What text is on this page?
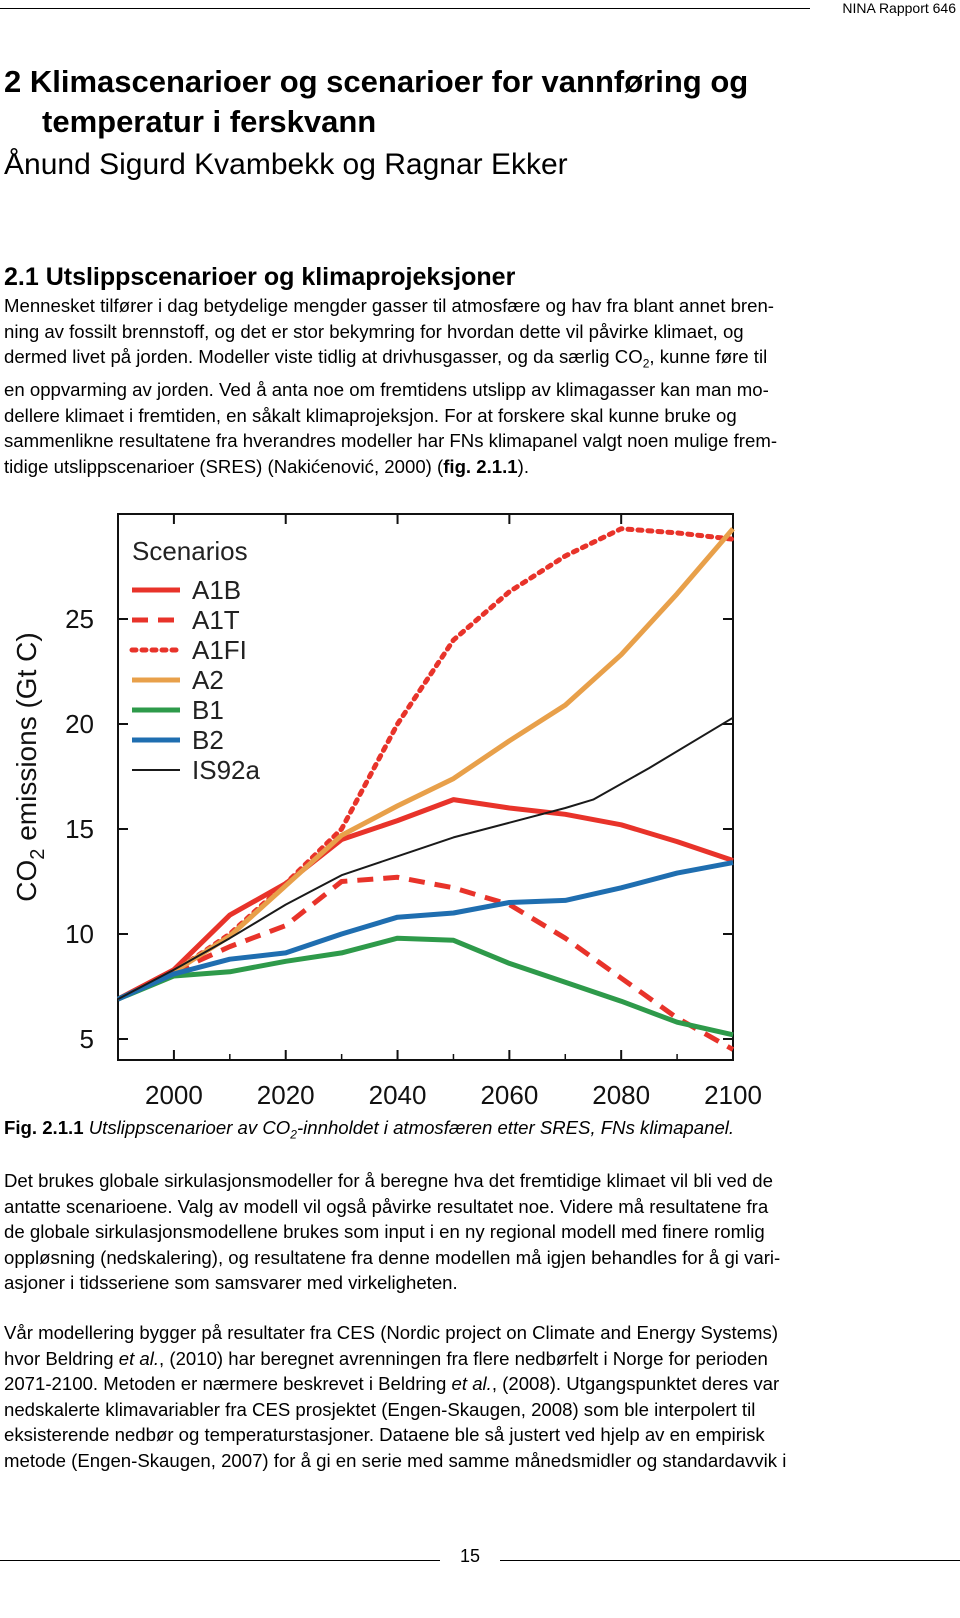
NINA Rapport 646
2 Klimascenarioer og scenarioer for vannføring og
temperatur i ferskvann
Ånund Sigurd Kvambekk og Ragnar Ekker
2.1 Utslippscenarioer og klimaprojeksjoner
Mennesket tilfører i dag betydelige mengder gasser til atmosfære og hav fra blant annet bren-
ning av fossilt brennstoff, og det er stor bekymring for hvordan dette vil påvirke klimaet, og
dermed livet på jorden. Modeller viste tidlig at drivhusgasser, og da særlig $CO_2$, kunne føre til
en oppvarming av jorden. Ved å anta noe om fremtidens utslipp av klimagasser kan man mo-
dellere klimaet i fremtiden, en såkalt klimaprojeksjon. For at forskere skal kunne bruke og
sammenlikne resultatene fra hverandres modeller har FNs klimapanel valgt noen mulige frem-
tidige utslippscenarioer (SRES) (Nakićenović, 2000) (fig. 2.1.1).
5
10
15
20
25
2000 2020 2040 2060 2080 2100
$CO_2$ emissions (Gt C)
Scenarios
A1B
A1T
A1FI
A2
B1
B2
IS92a
Fig. 2.1.1 Utslippscenarioer av $CO_2$-innholdet i atmosfæren etter SRES, FNs klimapanel.
Det brukes globale sirkulasjonsmodeller for å beregne hva det fremtidige klimaet vil bli ved de
antatte scenarioene. Valg av modell vil også påvirke resultatet noe. Videre må resultatene fra
de globale sirkulasjonsmodellene brukes som input i en ny regional modell med finere romlig
oppløsning (nedskalering), og resultatene fra denne modellen må igjen behandles for å gi vari-
asjoner i tidsseriene som samsvarer med virkeligheten.
Vår modellering bygger på resultater fra CES (Nordic project on Climate and Energy Systems)
hvor Beldring et al., (2010) har beregnet avrenningen fra flere nedbørfelt i Norge for perioden
2071-2100. Metoden er nærmere beskrevet i Beldring et al., (2008). Utgangspunktet deres var
nedskalerte klimavariabler fra CES prosjektet (Engen-Skaugen, 2008) som ble interpolert til
eksisterende nedbør og temperaturstasjoner. Dataene ble så justert ved hjelp av en empirisk
metode (Engen-Skaugen, 2007) for å gi en serie med samme månedsmidler og standardavvik i
15
